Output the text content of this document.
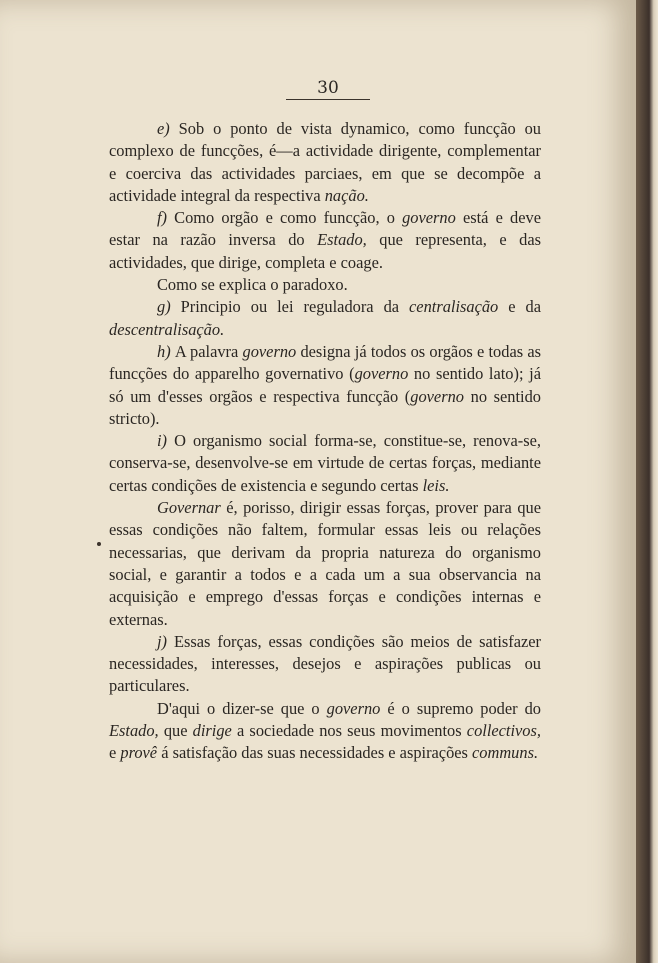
30

e) Sob o ponto de vista dynamico, como funcção ou complexo de funcções, é—a actividade dirigente, complementar e coerciva das actividades parciaes, em que se decompõe a actividade integral da respectiva nação.

f) Como orgão e como funcção, o governo está e deve estar na razão inversa do Estado, que representa, e das actividades, que dirige, completa e coage.

Como se explica o paradoxo.

g) Principio ou lei reguladora da centralisação e da descentralisação.

h) A palavra governo designa já todos os orgãos e todas as funcções do apparelho governativo (governo no sentido lato); já só um d'esses orgãos e respectiva funcção (governo no sentido stricto).

i) O organismo social forma-se, constitue-se, renova-se, conserva-se, desenvolve-se em virtude de certas forças, mediante certas condições de existencia e segundo certas leis.

Governar é, porisso, dirigir essas forças, prover para que essas condições não faltem, formular essas leis ou relações necessarias, que derivam da propria natureza do organismo social, e garantir a todos e a cada um a sua observancia na acquisição e emprego d'essas forças e condições internas e externas.

j) Essas forças, essas condições são meios de satisfazer necessidades, interesses, desejos e aspirações publicas ou particulares.

D'aqui o dizer-se que o governo é o supremo poder do Estado, que dirige a sociedade nos seus movimentos collectivos, e provê á satisfação das suas necessidades e aspirações communs.
